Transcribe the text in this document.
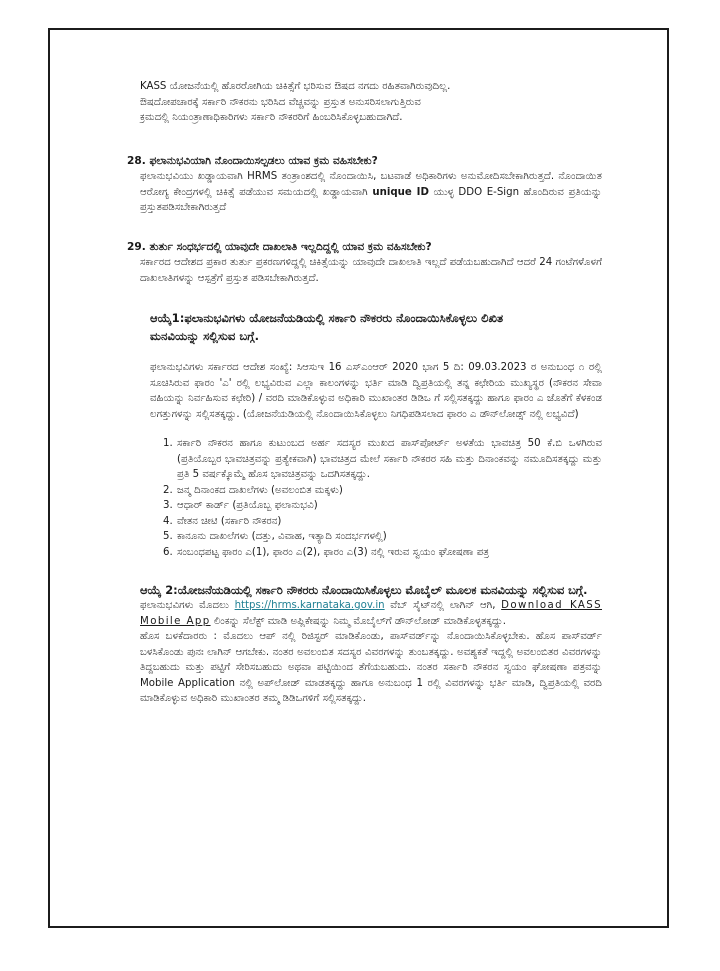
KASS ಯೋಜನೆಯಲ್ಲಿ ಹೊರರೋಗಿಯ ಚಿಕಿತ್ಸೆಗೆ ಭರಿಸುವ ಔಷದ ನಗದು ರಹಿತವಾಗಿರುವುದಿಲ್ಲ.
ಔಷದೋಪಚಾರಕ್ಕೆ ಸರ್ಕಾರಿ ನೌಕರನು ಭರಿಸಿದ ವೆಚ್ಚವನ್ನು ಪ್ರಸ್ತುತ ಅನುಸರಿಸಲಾಗುತ್ತಿರುವ
ಕ್ರಮದಲ್ಲಿ ನಿಯಂತ್ರಾಣಾಧಿಕಾರಿಗಳು ಸರ್ಕಾರಿ ನೌಕರರಿಗೆ ಹಿಂಬರಿಸಿಕೊಳ್ಳಬಹುದಾಗಿದೆ.
28. ಫಲಾನುಭವಿಯಾಗಿ ನೊಂದಾಯಿಸಲ್ಪಡಲು ಯಾವ ಕ್ರಮ ವಹಿಸಬೇಕು?

ಫಲಾನುಭವಿಯು ಖಡ್ಡಾಯವಾಗಿ HRMS ತಂತ್ರಾಂಶದಲ್ಲಿ ನೊಂದಾಯಿಸಿ, ಬಟವಾಡೆ ಅಧಿಕಾರಿಗಳು ಅನುಮೋದಿಸಬೇಕಾಗಿರುತ್ತದೆ. ನೊಂದಾಯಿತ ಆರೋಗ್ಯ ಕೇಂದ್ರಗಳಲ್ಲಿ ಚಿಕಿತ್ಸೆ ಪಡೆಯುವ ಸಮಯದಲ್ಲಿ ಖಡ್ಡಾಯವಾಗಿ unique ID ಯುಳ್ಳ DDO E-Sign ಹೊಂದಿರುವ ಪ್ರತಿಯನ್ನು ಪ್ರಸ್ತುತಪಡಿಸಬೇಕಾಗಿರುತ್ತದೆ

29. ತುರ್ತು ಸಂಧರ್ಭದಲ್ಲಿ ಯಾವುದೇ ದಾಖಲಾತಿ ಇಲ್ಲದಿದ್ದಲ್ಲಿ ಯಾವ ಕ್ರಮ ವಹಿಸಬೇಕು?

ಸರ್ಕಾರದ ಆದೇಶದ ಪ್ರಕಾರ ತುರ್ತು ಪ್ರಕರಣಗಳಿದ್ದಲ್ಲಿ ಚಿಕಿತ್ಸೆಯನ್ನು ಯಾವುದೇ ದಾಖಲಾತಿ ಇಲ್ಲದೆ ಪಡೆಯಬಹುದಾಗಿದೆ ಆದರೆ 24 ಗಂಟೆಗಳೊಳಗೆ ದಾಖಲಾತಿಗಳನ್ನು ಆಸ್ಪತ್ರೆಗೆ ಪ್ರಸ್ತುತ ಪಡಿಸಬೇಕಾಗಿರುತ್ತದೆ.

ಆಯ್ಕೆ1:ಫಲಾನುಭವಿಗಳು ಯೋಜನೆಯಡಿಯಲ್ಲಿ ಸರ್ಕಾರಿ ನೌಕರರು ನೊಂದಾಯಿಸಿಕೊಳ್ಳಲು ಲಿಖಿತ ಮನವಿಯನ್ನು ಸಲ್ಲಿಸುವ ಬಗ್ಗೆ.

ಫಲಾನುಭವಿಗಳು ಸರ್ಕಾರದ ಆದೇಶ ಸಂಖ್ಯೆ: ಸಿಆಸುಇ 16 ಎಸ್‌ಎಂಆರ್ 2020 ಭಾಗ 5 ದಿ: 09.03.2023 ರ ಅನುಬಂಧ ೧ ರಲ್ಲಿ ಸೂಚಿಸಿರುವ ಫಾರಂ 'ಎ' ರಲ್ಲಿ ಲಭ್ಯವಿರುವ ಎಲ್ಲಾ ಕಾಲಂಗಳನ್ನು ಭರ್ತಿ ಮಾಡಿ ದ್ವಿಪ್ರತಿಯಲ್ಲಿ ತನ್ನ ಕಛೇರಿಯ ಮುಖ್ಯಸ್ಥರ (ನೌಕರನ ಸೇವಾ ವಹಿಯನ್ನು ನಿರ್ವಹಿಸುವ ಕಛೇರಿ) / ವರದಿ ಮಾಡಿಕೊಳ್ಳುವ ಅಧಿಕಾರಿ ಮುಖಾಂತರ ಡಿಡಿಒ ಗೆ ಸಲ್ಲಿಸತಕ್ಕದ್ದು ಹಾಗೂ ಫಾರಂ ಎ ಜೊತೆಗೆ ಕೆಳಕಂಡ ಲಗತ್ತುಗಳನ್ನು ಸಲ್ಲಿಸತಕ್ಕದ್ದು. (ಯೋಜನೆಯಡಿಯಲ್ಲಿ ನೊಂದಾಯಿಸಿಕೊಳ್ಳಲು ನಿಗಧಿಪಡಿಸಲಾದ ಫಾರಂ ಎ ಡೌನ್‌ಲೋಡ್ಸ್ ನಲ್ಲಿ ಲಭ್ಯವಿದೆ)

1. ಸರ್ಕಾರಿ ನೌಕರನ ಹಾಗೂ ಕುಟುಂಬದ ಅರ್ಹ ಸದಸ್ಯರ ಮುಖದ ಪಾಸ್‌ಪೋರ್ಟ್ ಅಳತೆಯ ಭಾವಚಿತ್ರ 50 ಕೆ.ಬಿ ಒಳಗಿರುವ (ಪ್ರತಿಯೊಬ್ಬರ ಭಾವಚಿತ್ರವನ್ನು ಪ್ರತ್ಯೇಕವಾಗಿ) ಭಾವಚಿತ್ರದ ಮೇಲೆ ಸರ್ಕಾರಿ ನೌಕರರ ಸಹಿ ಮತ್ತು ದಿನಾಂಕವನ್ನು ನಮೂದಿಸತಕ್ಕದ್ದು ಮತ್ತು ಪ್ರತಿ 5 ವರ್ಷಕ್ಕೊಮ್ಮೆ ಹೊಸ ಭಾವಚಿತ್ರವನ್ನು ಒದಗಿಸತಕ್ಕದ್ದು.
2. ಜನ್ಮ ದಿನಾಂಕದ ದಾಖಲೆಗಳು (ಅವಲಂಬಿತ ಮಕ್ಕಳು)
3. ಆಧಾರ್ ಕಾರ್ಡ್ (ಪ್ರತಿಯೊಬ್ಬ ಫಲಾನುಭವಿ)
4. ವೇತನ ಚೀಟಿ (ಸರ್ಕಾರಿ ನೌಕರನ)
5. ಕಾನೂನು ದಾಖಲೆಗಳು (ದತ್ತು, ವಿವಾಹ, ಇತ್ಯಾದಿ ಸಂದರ್ಭಗಳಲ್ಲಿ)
6. ಸಂಬಂಧಪಟ್ಟ ಫಾರಂ ಎ(1), ಫಾರಂ ಎ(2), ಫಾರಂ ಎ(3) ನಲ್ಲಿ ಇರುವ ಸ್ವಯಂ ಘೋಷಣಾ ಪತ್ರ
ಆಯ್ಕೆ 2:ಯೋಜನೆಯಡಿಯಲ್ಲಿ ಸರ್ಕಾರಿ ನೌಕರರು ನೊಂದಾಯಿಸಿಕೊಳ್ಳಲು ಮೊಬೈಲ್ ಮೂಲಕ ಮನವಿಯನ್ನು ಸಲ್ಲಿಸುವ ಬಗ್ಗೆ.

ಫಲಾನುಭವಿಗಳು ಮೊದಲು https://hrms.karnataka.gov.in ವೆಬ್ ಸೈಟ್‌ನಲ್ಲಿ ಲಾಗಿನ್ ಆಗಿ, Download KASS Mobile App ಲಿಂಕನ್ನು ಸೆಲೆಕ್ಟ್ ಮಾಡಿ ಅಪ್ಲಿಕೇಷನ್ನು ನಿಮ್ಮ ಮೊಬೈಲ್‌ಗೆ ಡೌನ್‌ಲೋಡ್ ಮಾಡಿಕೊಳ್ಳತಕ್ಕದ್ದು.

ಹೊಸ ಬಳಕೆದಾರರು : ಮೊದಲು ಆಪ್ ನಲ್ಲಿ ರಿಜಿಸ್ಟರ್ ಮಾಡಿಕೊಂಡು, ಪಾಸ್‌ವರ್ಡ್‌ನ್ನು ನೊಂದಾಯಿಸಿಕೊಳ್ಳಬೇಕು. ಹೊಸ ಪಾಸ್‌ವರ್ಡ್ ಬಳಸಿಕೊಂಡು ಪುನಃ ಲಾಗಿನ್ ಆಗಬೇಕು. ನಂತರ ಅವಲಂಬಿತ ಸದಸ್ಯರ ವಿವರಗಳನ್ನು ತುಂಬತಕ್ಕದ್ದು. ಅವಶ್ಯಕತೆ ಇದ್ದಲ್ಲಿ ಅವಲಂಬಿತರ ವಿವರಗಳನ್ನು ತಿದ್ದಬಹುದು ಮತ್ತು ಪಟ್ಟಿಗೆ ಸೇರಿಸಬಹುದು ಅಥವಾ ಪಟ್ಟಿಯಿಂದ ತೆಗೆಯಬಹುದು. ನಂತರ ಸರ್ಕಾರಿ ನೌಕರನ ಸ್ವಯಂ ಘೋಷಣಾ ಪತ್ರವನ್ನು Mobile Application ನಲ್ಲಿ ಅಪ್‌ಲೋಡ್ ಮಾಡತಕ್ಕದ್ದು ಹಾಗೂ ಅನುಬಂಧ 1 ರಲ್ಲಿ ವಿವರಗಳನ್ನು ಭರ್ತಿ ಮಾಡಿ, ದ್ವಿಪ್ರತಿಯಲ್ಲಿ ವರದಿ ಮಾಡಿಕೊಳ್ಳುವ ಅಧಿಕಾರಿ ಮುಖಾಂತರ ತಮ್ಮ ಡಿಡಿಒಗಳಿಗೆ ಸಲ್ಲಿಸತಕ್ಕದ್ದು.
